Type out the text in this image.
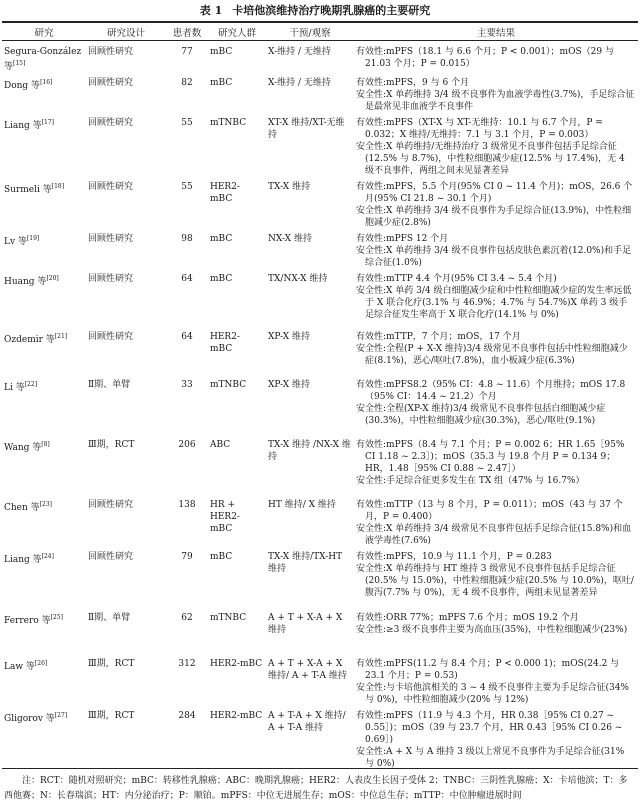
表 1 卡培他滨维持治疗晚期乳腺癌的主要研究
研究	研究设计	患者数	研究人群	干预/观察	主要结果
Segura-González 等[15]	回顾性研究	77	mBC	X-维持 / 无维持	有效性:mPFS（18.1 与 6.6 个月；P < 0.001）；mOS（29 与 21.03 个月；P = 0.015）

Dong 等[16]	回顾性研究	82	mBC	X-维持 / 无维持	有效性:mPFS，9 与 6 个月
安全性:X 单药维持 3/4 级不良事件为血液学毒性(3.7%)，手足综合征是最常见非血液学不良事件

Liang 等[17]	回顾性研究	55	mTNBC	XT-X 维持/XT-无维持	有效性:mPFS（XT-X 与 XT-无维持：10.1 与 6.7 个月，P = 0.032；X 维持/无维持：7.1 与 3.1 个月，P = 0.003）
安全性:X 单药维持/无维持治疗 3 级常见不良事件包括手足综合征(12.5% 与 8.7%)，中性粒细胞减少症(12.5% 与 17.4%)，无 4 级不良事件，两组之间未见显著差异

Surmeli 等[18]	回顾性研究	55	HER2- mBC	TX-X 维持	有效性:mPFS，5.5 个月(95% CI 0 ~ 11.4 个月)；mOS，26.6 个月(95% CI 21.8 ~ 30.1 个月)
安全性:X 单药维持 3/4 级不良事件为手足综合征(13.9%)，中性粒细胞减少症(2.8%)

Lv 等[19]	回顾性研究	98	mBC	NX-X 维持	有效性:mPFS 12 个月
安全性:X 单药维持 3/4 级不良事件包括皮肤色素沉着(12.0%)和手足综合征(1.0%)

Huang 等[20]	回顾性研究	64	mBC	TX/NX-X 维持	有效性:mTTP 4.4 个月(95% CI 3.4 ~ 5.4 个月)
安全性:X 单药 3/4 级白细胞减少症和中性粒细胞减少症的发生率远低于 X 联合化疗(3.1% 与 46.9%；4.7% 与 54.7%)X 单药 3 级手足综合征发生率高于 X 联合化疗(14.1% 与 0%)

Ozdemir 等[21]	回顾性研究	64	HER2- mBC	XP-X 维持	有效性:mTTP，7 个月；mOS，17 个月
安全性:全程(P + X-X 维持)3/4 级常见不良事件包括中性粒细胞减少症(8.1%)，恶心/呕吐(7.8%)，血小板减少症(6.3%)

Li 等[22]	Ⅱ期、单臂	33	mTNBC	XP-X 维持	有效性:mPFS8.2（95% CI：4.8 ~ 11.6）个月维持；mOS 17.8（95% CI：14.4 ~ 21.2）个月
安全性:全程(XP-X 维持)3/4 级常见不良事件包括白细胞减少症(30.3%)，中性粒细胞减少症(30.3%)，恶心/呕吐(9.1%)

Wang 等[8]	Ⅲ期，RCT	206	ABC	TX-X 维持 /NX-X 维持	有效性:mPFS（8.4 与 7.1 个月；P = 0.002 6；HR 1.65［95% CI 1.18 ~ 2.3］)；mOS（35.3 与 19.8 个月 P = 0.134 9；HR，1.48［95% CI 0.88 ~ 2.47］）
安全性:手足综合征更多发生在 TX 组（47% 与 16.7%）

Chen 等[23]	回顾性研究	138	HR + HER2- mBC	HT 维持/ X 维持	有效性:mTTP（13 与 8 个月，P = 0.011）；mOS（43 与 37 个月，P = 0.400）
安全性:X 单药维持 3/4 级常见不良事件包括手足综合征(15.8%)和血液学毒性(7.6%)

Liang 等[24]	回顾性研究	79	mBC	TX-X 维持/TX-HT 维持	有效性:mPFS，10.9 与 11.1 个月，P = 0.283
安全性:X 单药维持与 HT 维持 3 级常见不良事件包括手足综合征(20.5% 与 15.0%)，中性粒细胞减少症(20.5% 与 10.0%)，呕吐/腹泻(7.7% 与 0%)，无 4 级不良事件，两组未见显著差异

Ferrero 等[25]	Ⅱ期、单臂	62	mTNBC	A + T + X-A + X 维持	有效性:ORR 77%；mPFS 7.6 个月；mOS 19.2 个月
安全性:≥3 级不良事件主要为高血压(35%)，中性粒细胞减少(23%)

Law 等[26]	Ⅲ期，RCT	312	HER2-mBC	A + T + X-A + X 维持/ A + T-A 维持	有效性:mPFS(11.2 与 8.4 个月；P < 0.000 1)；mOS(24.2 与 23.1 个月；P = 0.53)
安全性:与卡培他滨相关的 3 ~ 4 级不良事件主要为手足综合征(34% 与 0%)，中性粒细胞减少(20% 与 12%)

Gligorov 等[27]	Ⅲ期，RCT	284	HER2-mBC	A + T-A + X 维持/ A + T-A 维持	有效性:mPFS（11.9 与 4.3 个月，HR 0.38［95% CI 0.27 ~ 0.55］)；mOS（39 与 23.7 个月，HR 0.43［95% CI 0.26 ~ 0.69］)
安全性:A + X 与 A 维持 3 级以上常见不良事件为手足综合征(31% 与 0%)
注：RCT：随机对照研究；mBC：转移性乳腺癌；ABC：晚期乳腺癌；HER2：人表皮生长因子受体 2；TNBC：三阴性乳腺癌；X：卡培他滨；T：多西他赛；N：长春瑞滨；HT：内分泌治疗；P：顺铂。mPFS：中位无进展生存；mOS：中位总生存；mTTP：中位肿瘤进展时间
